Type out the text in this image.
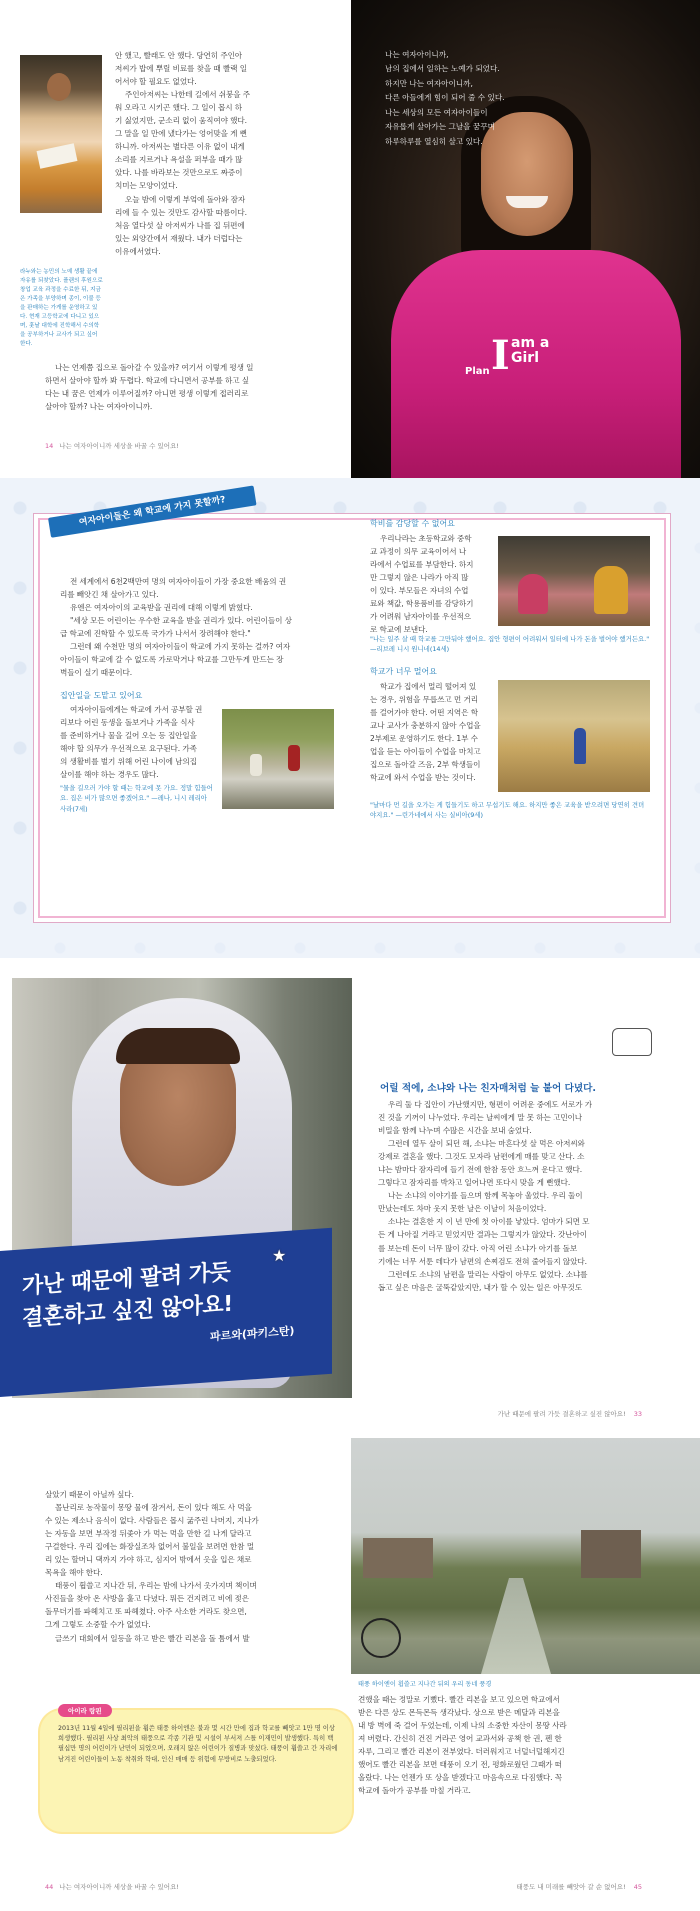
라누와는 농민의 노예 생활 끝에 자유를 되찾았다. 플랜의 후원으로 창업 교육 과정을 수료한 뒤, 지금은 가족을 부양하며 종이, 이불 등을 판매하는 가게를 운영하고 있다. 현재 고등학교에 다니고 있으며, 훗날 대학에 진학해서 수의학을 공부하거나 교사가 되고 싶어 한다.
안 했고, 빨래도 안 했다. 당연히 주인아
저씨가 밥에 뿌릴 비료를 찾을 때 빨랙 일
어서야 할 필요도 없었다.
주인아저씨는 나한테 길에서 쉬붕을 주
워 오라고 시키곤 했다. 그 일이 몹시 하
기 싫었지만, 군소리 없이 움직여야 했다.
그 말을 일 만에 냈다가는 엉어맞을 게 뻔
하니까. 아저씨는 별다른 이유 없이 내게
소리를 지르거나 욕설을 퍼부을 때가 많
았다. 나를 바라보는 것만으로도 짜증이
치미는 모양이었다.
오늘 밤에 이렇게 부엌에 돌아와 잠자
리에 들 수 있는 것만도 감사할 따름이다.
처음 열다섯 살 아저씨가 나를 집 뒤편에
있는 외양간에서 재웠다. 내가 더럽다는
이유에서였다.
나는 언제쯤 집으로 돌아갈 수 있을까? 여기서 이렇게 평생 일
하면서 살아야 할까 봐 두렵다. 학교에 다니면서 공부를 하고 싶
다는 내 꿈은 언제가 이루어질까? 아니면 평생 이렇게 접러리로
살아야 할까? 나는 여자아이니까.
14 나는 여자아이니까 세상을 바꿀 수 있어요!
Plan I am a
Girl
나는 여자아이니까,
남의 집에서 일하는 노예가 되었다.
하지만 나는 여자아이니까,
다른 아들에게 힘이 되어 줄 수 있다.
나는 세상의 모든 여자아이들이
자유롭게 살아가는 그날을 꿈꾸며
하루하루를 열심히 살고 있다.
여자아이들은 왜 학교에 가지 못할까?
전 세계에서 6천2백만여 명의 여자아이들이 가장 중요한 배움의 권
리를 빼앗긴 채 살아가고 있다.
유엔은 여자아이의 교육받을 권리에 대해 이렇게 밝혔다.
"세상 모든 어린이는 우수한 교육을 받을 권리가 있다. 어린이들이 상
급 학교에 진학할 수 있도록 국가가 나서서 장려해야 한다."
그런데 왜 수천만 명의 여자아이들이 학교에 가지 못하는 걸까? 여자
아이들이 학교에 갈 수 없도록 가로막거나 학교를 그만두게 만드는 장
벽들이 실기 때문이다.
집안일을 도맡고 있어요
여자아이들에게는 학교에 가서 공부할 권
리보다 어린 동생을 돌보거나 가족을 식사
를 준비하거나 물을 길어 오는 등 집안일을
해야 할 의무가 우선적으로 요구된다. 가족
의 생활비를 벌기 위해 어린 나이에 남의집
살이를 해야 하는 경우도 많다.
"물을 길으러 가야 할 때는 학교에 못 가요. 정말 힘들어요. 집은 비가 많으면 좋겠어요." —레나, 니시 레리아 사라(7세)
학비를 감당할 수 없어요
우리나라는 초등학교와 중학
교 과정이 의무 교육이어서 나
라에서 수업료를 부담한다. 하지
만 그렇지 않은 나라가 아직 많
이 있다. 부모들은 자녀의 수업
료와 책값, 학용품비를 감당하기
가 어려워 남자아이를 우선적으
로 학교에 보낸다.
"나는 일주 살 때 학교를 그만둬야 했어요. 집안 형편이 어려워서 일터에 나가 돈을 벌어야 했거든요." —리브레 니시 원니네(14세)
학교가 너무 멀어요
학교가 집에서 멀리 떨어져 있
는 경우, 위험을 무릅쓰고 먼 거리
를 걸어가야 한다. 어떤 지역은 학
교나 교사가 충분하지 않아 수업을
2부제로 운영하기도 한다. 1부 수
업을 듣는 아이들이 수업을 마치고
집으로 돌아갈 즈음, 2부 학생들이
학교에 와서 수업을 받는 것이다.
"날마다 먼 길을 오가는 게 힘들기도 하고 무섭기도 해요. 하지만 좋은 교육을 받으려면 당연히 견뎌야지요." —린가네에서 사는 실비아(9세)
가난 때문에 팔려 가듯
결혼하고 싶진 않아요!
파르와(파키스탄)
★
어릴 적에, 소냐와 나는 친자매처럼 늘 붙어 다녔다.
우리 둘 다 집안이 가난했지만, 형편이 어려운 중에도 서로가 가
진 것을 기꺼이 나누었다. 우리는 날씨에게 말 못 하는 고민이나
비밀을 함께 나누며 수많은 시간을 보내 숨었다.
그런데 열두 살이 되던 해, 소냐는 마흔다섯 살 먹은 아저씨와
강제로 결혼을 했다. 그것도 모자라 남편에게 매를 맞고 산다. 소
냐는 밤마다 잠자리에 들기 전에 한참 동안 흐느껴 운다고 했다.
그렇다고 잠자리를 박차고 일어나면 또다시 맞을 게 뻔했다.
나는 소냐의 이야기를 들으며 함께 목놓아 울었다. 우리 둘이
만났는데도 차마 웃지 못한 날은 이날이 처음이었다.
소냐는 결혼한 지 이 년 만에 첫 아이를 낳았다. 엄마가 되면 모
든 게 나아질 거라고 믿었지만 결과는 그렇지가 않았다. 갓난아이
를 보는데 돈이 너무 많이 갔다. 아직 어린 소냐가 아기를 돌보
기에는 너무 서툰 데다가 남편의 손찌검도 전혀 줄어들지 않았다.
그런데도 소냐의 남편을 말리는 사람이 아무도 없었다. 소냐를
돕고 싶은 마음은 굴뚝같았지만, 내가 할 수 있는 일은 아무것도
가난 때문에 팔려 가듯 결혼하고 싶진 않아요! 33
살았기 때문이 아닐까 싶다.
몰난리로 농작물이 몽땅 물에 잠겨서, 돈이 있다 해도 사 먹을
수 있는 제소나 음식이 없다. 사람들은 몹시 굶주린 나머지, 지나가
는 자동을 보면 부작정 뒤좇아 가 먹는 먹을 만한 길 나게 달라고
구걸한다. 우리 집에는 화장실조차 없어서 불일을 보려면 한참 멀
리 있는 할머니 댁까지 가야 하고, 심지어 밖에서 옷을 입은 채로
목욕을 해야 한다.
태풍이 휩쓸고 지나간 뒤, 우리는 밤에 나가서 옷가지며 책이며
사진들을 찾아 온 사방을 훑고 다녔다. 뭐든 건지려고 비에 젖은
돌무더기를 파헤치고 또 파헤쳤다. 아주 사소한 거라도 찾으면,
그게 그렇도 소중할 수가 없었다.
글쓰기 대회에서 일등을 하고 받은 빨간 리본을 돌 틈에서 발
아이라 랑핀
2013년 11월 4일에 필리핀을 휩쓴 태풍 하이엔은 불과 몇 시간 만에 집과 학교를 빼앗고 1만 명 이상 희생했다. 필리핀 사상 최악의 태풍으로 각종 기관 및 시설이 부서져 스틀 이재민이 발생했다. 특히 백필십만 명의 어린이가 난민이 되었으며, 오래지 않은 어린이가 질병과 맞섰다. 태풍이 휩쓸고 간 자리에 남겨진 어린이들이 노동 착취와 학대, 인신 매매 등 위험에 무방비로 노출되었다.
44 나는 여자아이니까 세상을 바꿀 수 있어요!
태풍 하이엔이 휩쓸고 지나간 뒤의 우리 동네 풍경
견했을 때는 정말로 기뻤다. 빨간 리본을 보고 있으면 학교에서
받은 다른 상도 몬득몬득 생각났다. 상으로 받은 메달과 리본을
내 방 벽에 죽 걸어 두었는데, 이제 나의 소중한 자산이 몽땅 사라
져 버렸다. 간신히 건진 거라곤 영어 교과서와 공책 한 권, 펜 한
자루, 그리고 빨간 리본이 전부였다. 더러워지고 너덜너덜해지긴
했어도 빨간 리본을 보면 태풍이 오기 전, 평화로웠던 그때가 떠
올랐다. 나는 언젠가 또 상을 받겠다고 마음속으로 다짐했다. 꼭
학교에 돌아가 공부를 마칠 거라고.
태풍도 내 미래를 빼앗아 갈 순 없어요! 45
